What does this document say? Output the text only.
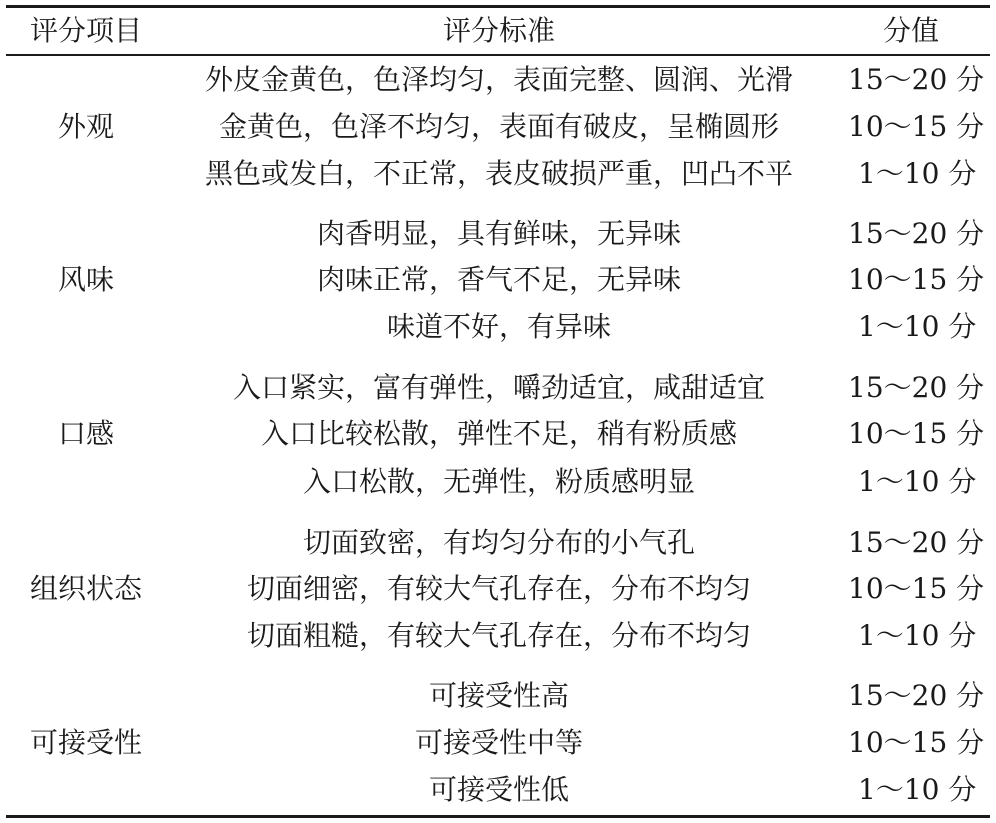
评分项目	评分标准	分值
外观
外皮金黄色，色泽均匀，表面完整、圆润、光滑	15～20 分
金黄色，色泽不均匀，表面有破皮，呈椭圆形	10～15 分
黑色或发白，不正常，表皮破损严重，凹凸不平	1～10 分
风味
肉香明显，具有鲜味，无异味	15～20 分
肉味正常，香气不足，无异味	10～15 分
味道不好，有异味	1～10 分
口感
入口紧实，富有弹性，嚼劲适宜，咸甜适宜	15～20 分
入口比较松散，弹性不足，稍有粉质感	10～15 分
入口松散，无弹性，粉质感明显	1～10 分
组织状态
切面致密，有均匀分布的小气孔	15～20 分
切面细密，有较大气孔存在，分布不均匀	10～15 分
切面粗糙，有较大气孔存在，分布不均匀	1～10 分
可接受性
可接受性高	15～20 分
可接受性中等	10～15 分
可接受性低	1～10 分
